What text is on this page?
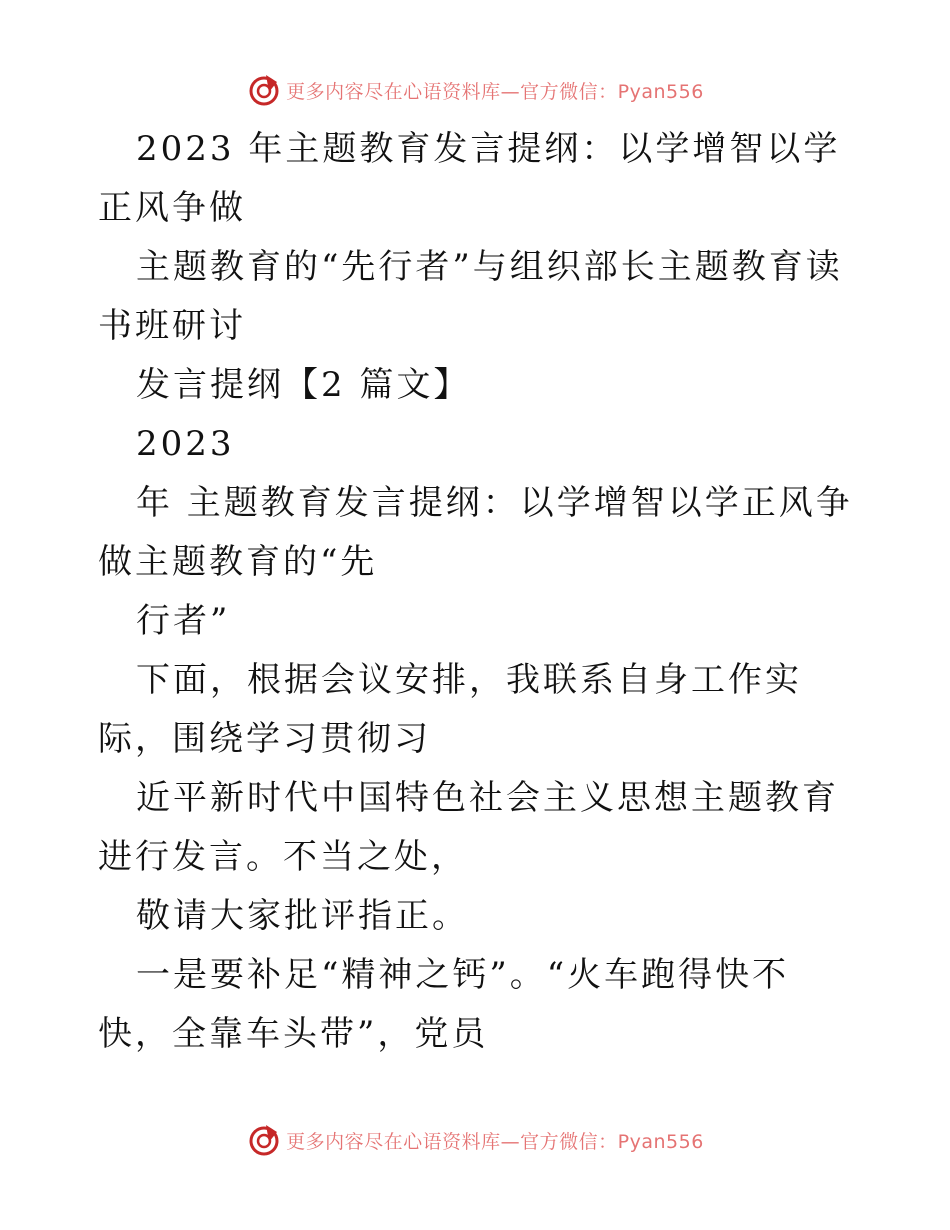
更多内容尽在心语资料库—官方微信：Pyan556

2023 年主题教育发言提纲：以学增智以学正风争做

主题教育的“先行者”与组织部长主题教育读书班研讨

发言提纲【2 篇文】

2023

年 主题教育发言提纲：以学增智以学正风争做主题教育的“先

行者”

下面，根据会议安排，我联系自身工作实际，围绕学习贯彻习

近平新时代中国特色社会主义思想主题教育进行发言。不当之处，

敬请大家批评指正。

一是要补足“精神之钙”。“火车跑得快不快，全靠车头带”，党员

更多内容尽在心语资料库—官方微信：Pyan556
